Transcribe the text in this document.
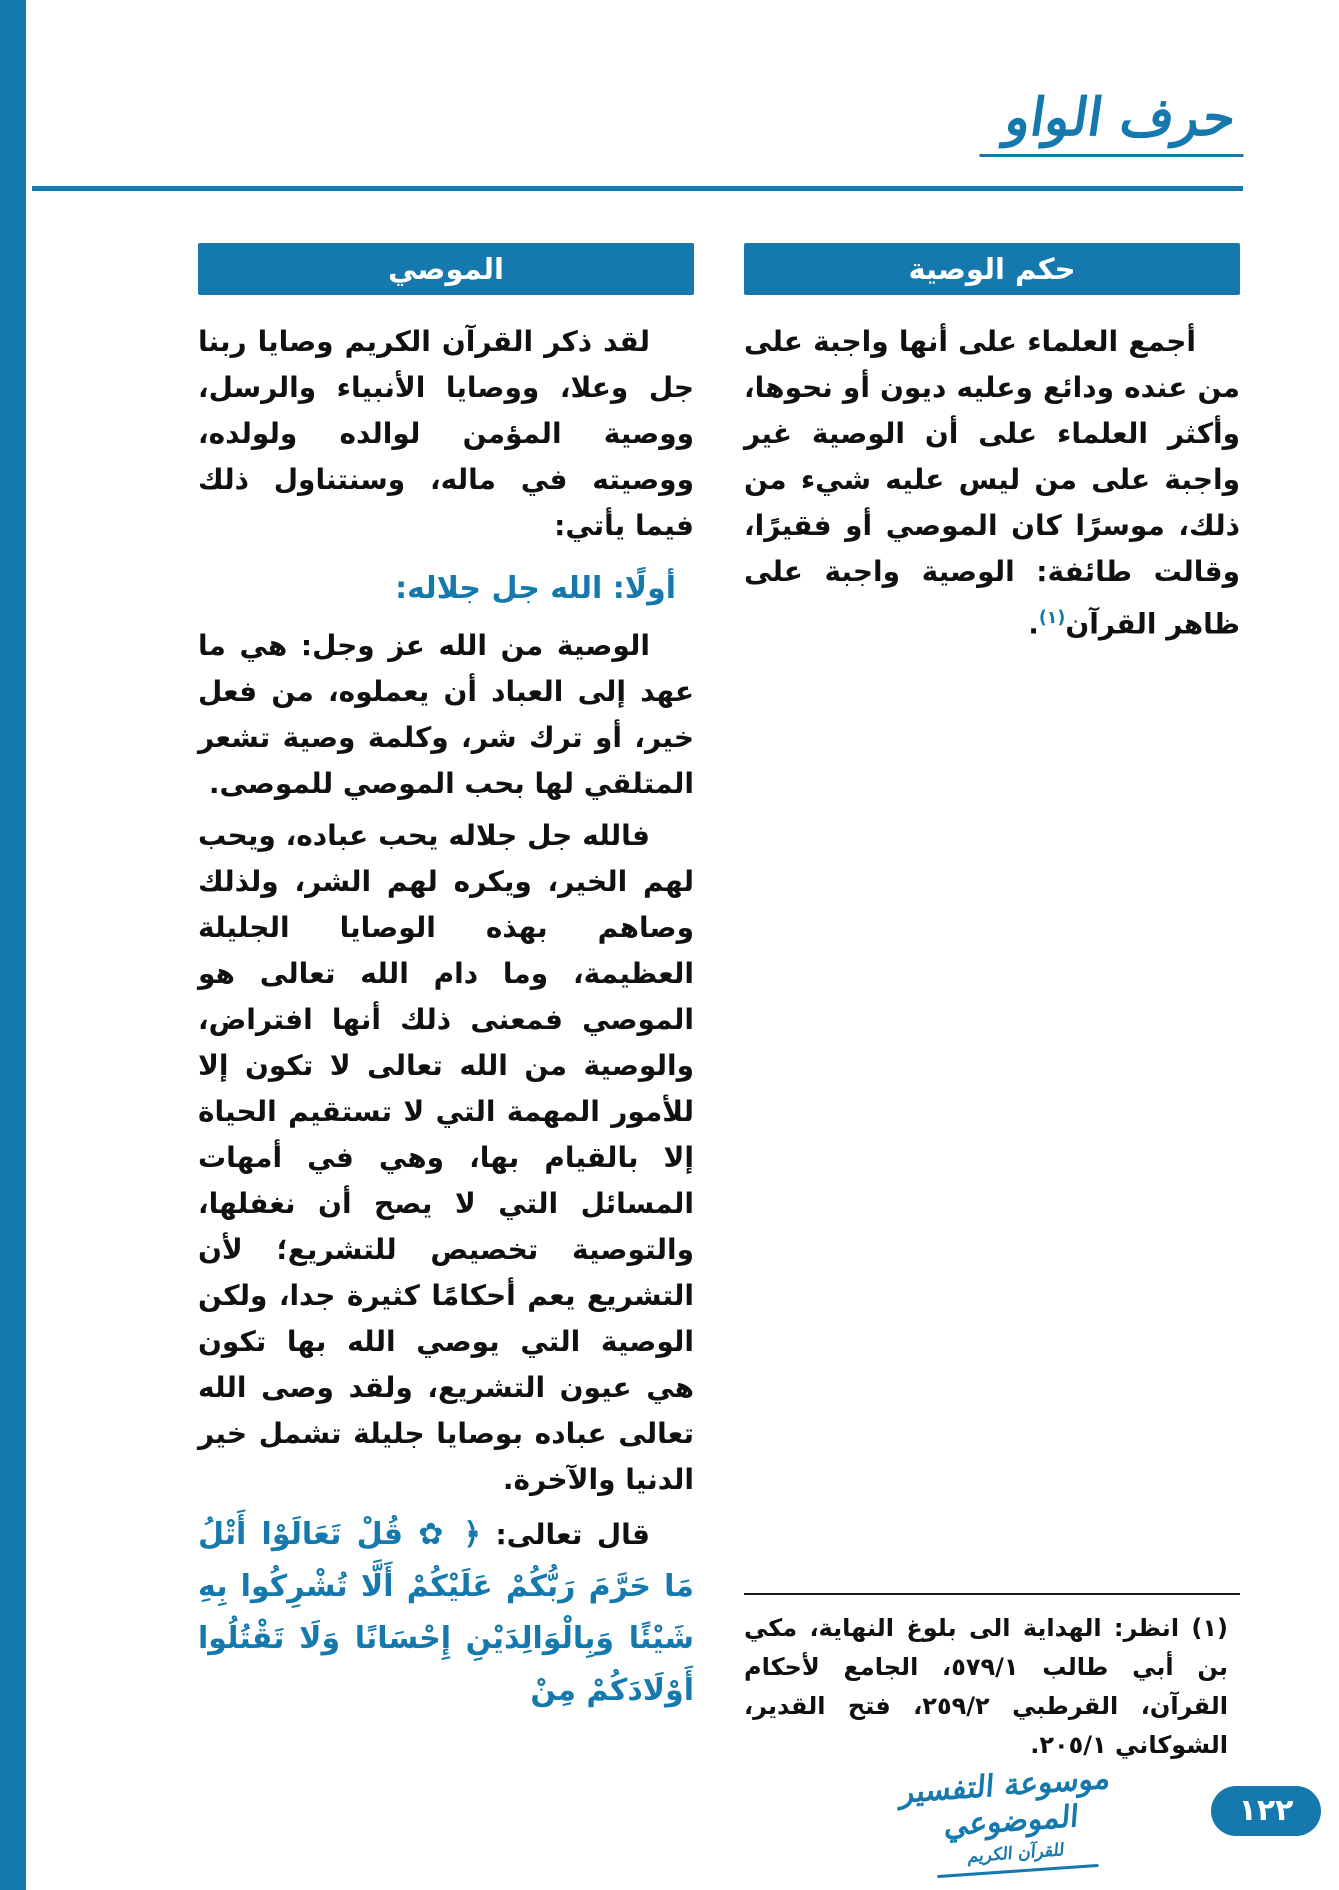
حرف الواو
حكم الوصية

أجمع العلماء على أنها واجبة على من عنده ودائع وعليه ديون أو نحوها، وأكثر العلماء على أن الوصية غير واجبة على من ليس عليه شيء من ذلك، موسرًا كان الموصي أو فقيرًا، وقالت طائفة: الوصية واجبة على ظاهر القرآن$^{(١)}$.

(١) انظر: الهداية الى بلوغ النهاية، مكي بن أبي طالب ٥٧٩/١، الجامع لأحكام القرآن، القرطبي ٢٥٩/٢، فتح القدير، الشوكاني ٢٠٥/١.

الموصي

لقد ذكر القرآن الكريم وصايا ربنا جل وعلا، ووصايا الأنبياء والرسل، ووصية المؤمن لوالده ولولده، ووصيته في ماله، وسنتناول ذلك فيما يأتي:

أولًا: الله جل جلاله:

الوصية من الله عز وجل: هي ما عهد إلى العباد أن يعملوه، من فعل خير، أو ترك شر، وكلمة وصية تشعر المتلقي لها بحب الموصي للموصى.

فالله جل جلاله يحب عباده، ويحب لهم الخير، ويكره لهم الشر، ولذلك وصاهم بهذه الوصايا الجليلة العظيمة، وما دام الله تعالى هو الموصي فمعنى ذلك أنها افتراض، والوصية من الله تعالى لا تكون إلا للأمور المهمة التي لا تستقيم الحياة إلا بالقيام بها، وهي في أمهات المسائل التي لا يصح أن نغفلها، والتوصية تخصيص للتشريع؛ لأن التشريع يعم أحكامًا كثيرة جدا، ولكن الوصية التي يوصي الله بها تكون هي عيون التشريع، ولقد وصى الله تعالى عباده بوصايا جليلة تشمل خير الدنيا والآخرة.

قال تعالى: ﴿ ✿ قُلْ تَعَالَوْا أَتْلُ مَا حَرَّمَ رَبُّكُمْ عَلَيْكُمْ أَلَّا تُشْرِكُوا بِهِ شَيْئًا وَبِالْوَالِدَيْنِ إِحْسَانًا وَلَا تَقْتُلُوا أَوْلَادَكُمْ مِنْ

موسوعة التفسير الموضوعي
للقرآن الكريم
١٢٢
